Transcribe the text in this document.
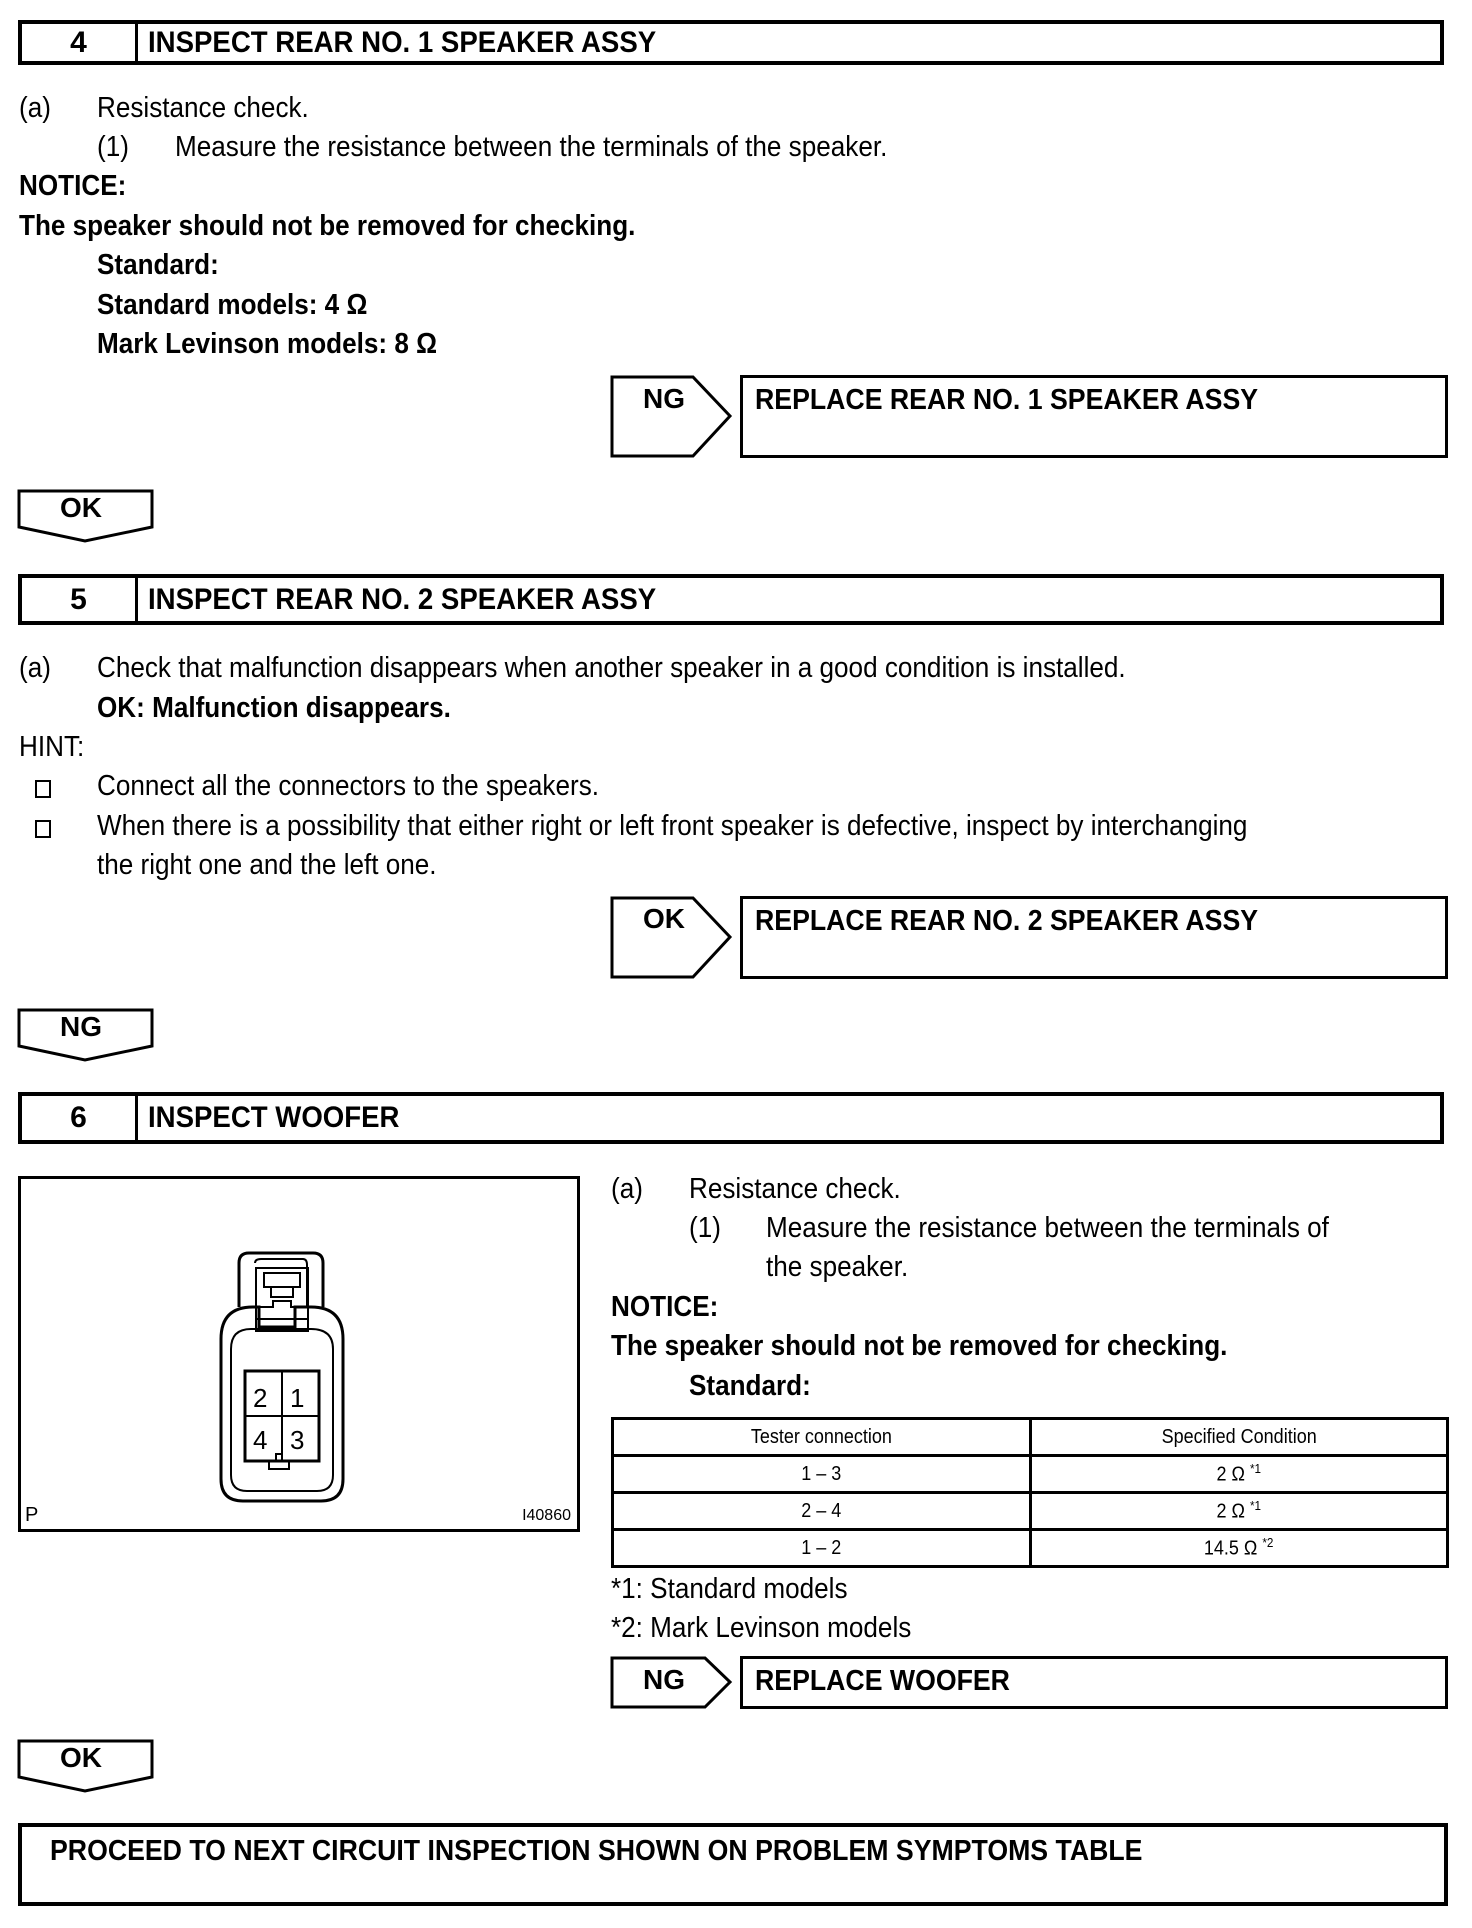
4	INSPECT REAR NO. 1 SPEAKER ASSY
(a) Resistance check.
(1) Measure the resistance between the terminals of the speaker.
NOTICE:
The speaker should not be removed for checking.
Standard:
Standard models: 4 Ω
Mark Levinson models: 8 Ω
NG REPLACE REAR NO. 1 SPEAKER ASSY
OK
5	INSPECT REAR NO. 2 SPEAKER ASSY
(a) Check that malfunction disappears when another speaker in a good condition is installed.
OK: Malfunction disappears.
HINT:
Connect all the connectors to the speakers.
When there is a possibility that either right or left front speaker is defective, inspect by interchanging
the right one and the left one.
OK REPLACE REAR NO. 2 SPEAKER ASSY
NG
6	INSPECT WOOFER
2 1
4 3
P	I40860
(a) Resistance check.
(1) Measure the resistance between the terminals of
the speaker.
NOTICE:
The speaker should not be removed for checking.
Standard:
Tester connection	Specified Condition
1 – 3	2 Ω $^{*1}$
2 – 4	2 Ω $^{*1}$
1 – 2	14.5 Ω $^{*2}$
*1: Standard models
*2: Mark Levinson models
NG REPLACE WOOFER
OK
PROCEED TO NEXT CIRCUIT INSPECTION SHOWN ON PROBLEM SYMPTOMS TABLE
